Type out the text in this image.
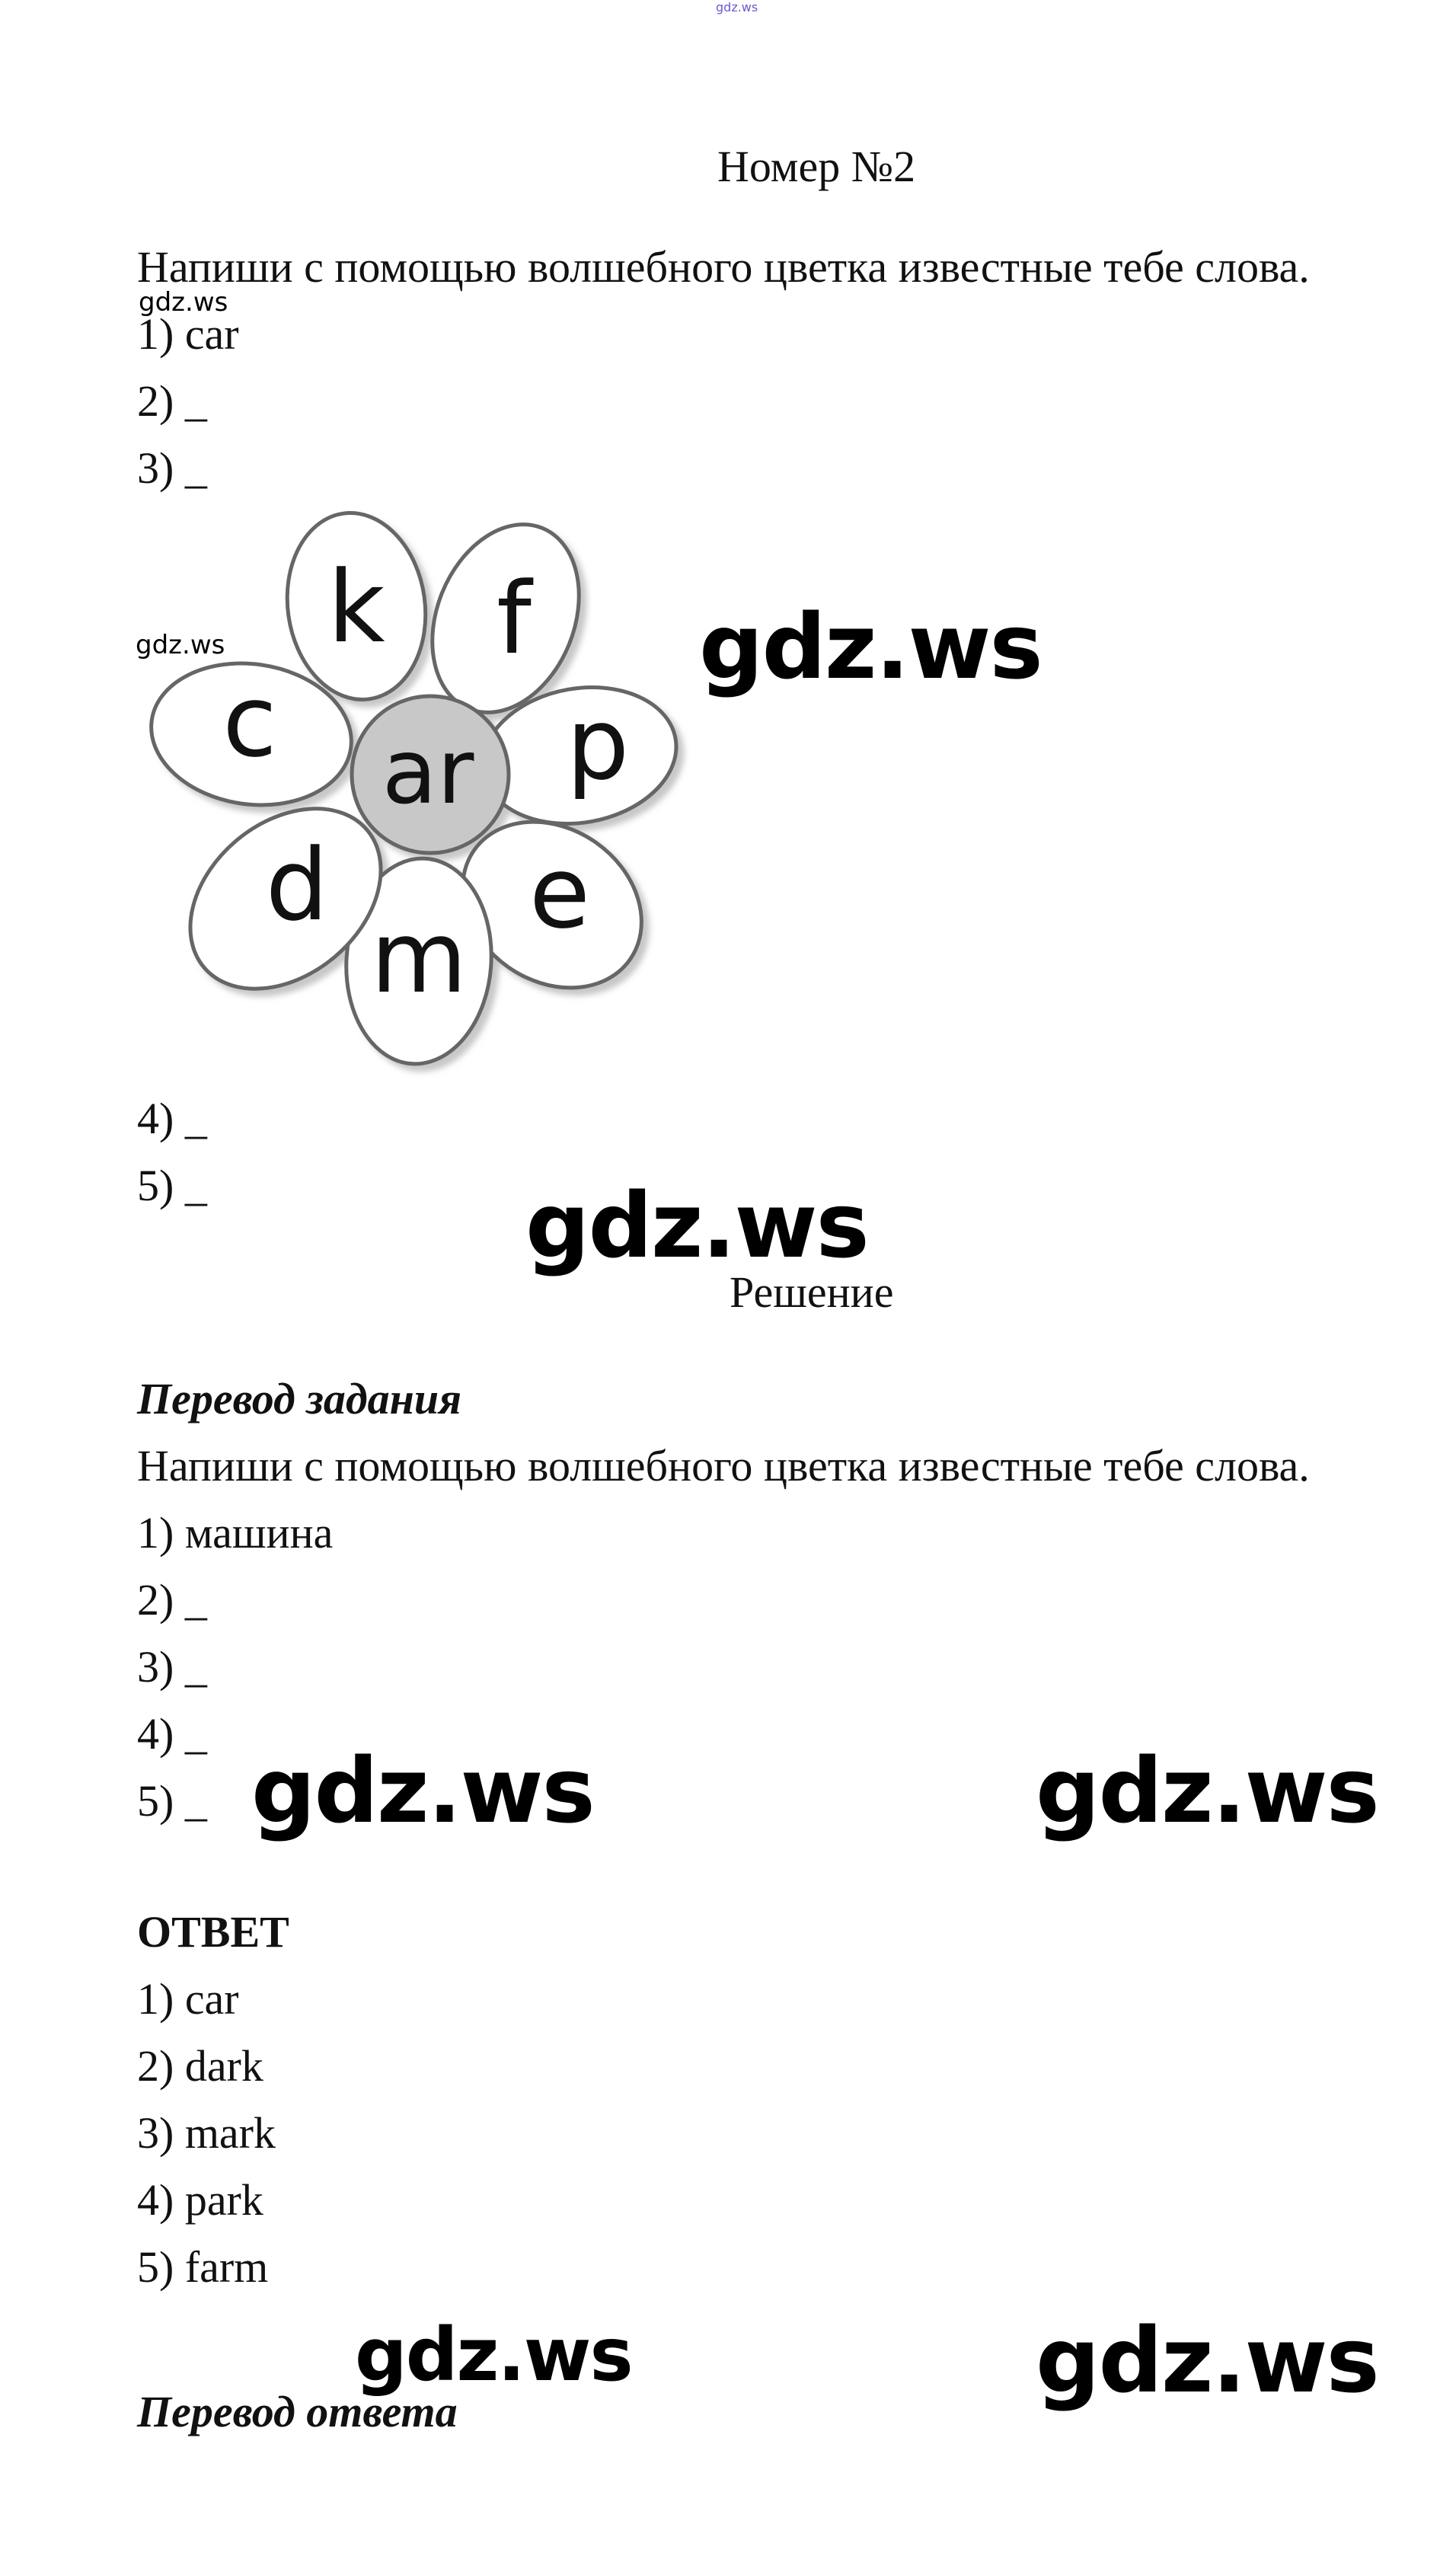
gdz.ws
Номер №2
Напиши с помощью волшебного цветка известные тебе слова.
gdz.ws
1) car
2) _
3) _
k f
p
e
m
d
c ar
gdz.ws	gdz.ws
4) _
5) _	gdz.ws
Решение
Перевод задания
Напиши с помощью волшебного цветка известные тебе слова.
1) машина
2) _
3) _
4) _
5) _ gdz.ws	gdz.ws
ОТВЕТ
1) car
2) dark
3) mark
4) park
5) farm
gdz.ws	gdz.ws
Перевод ответа
